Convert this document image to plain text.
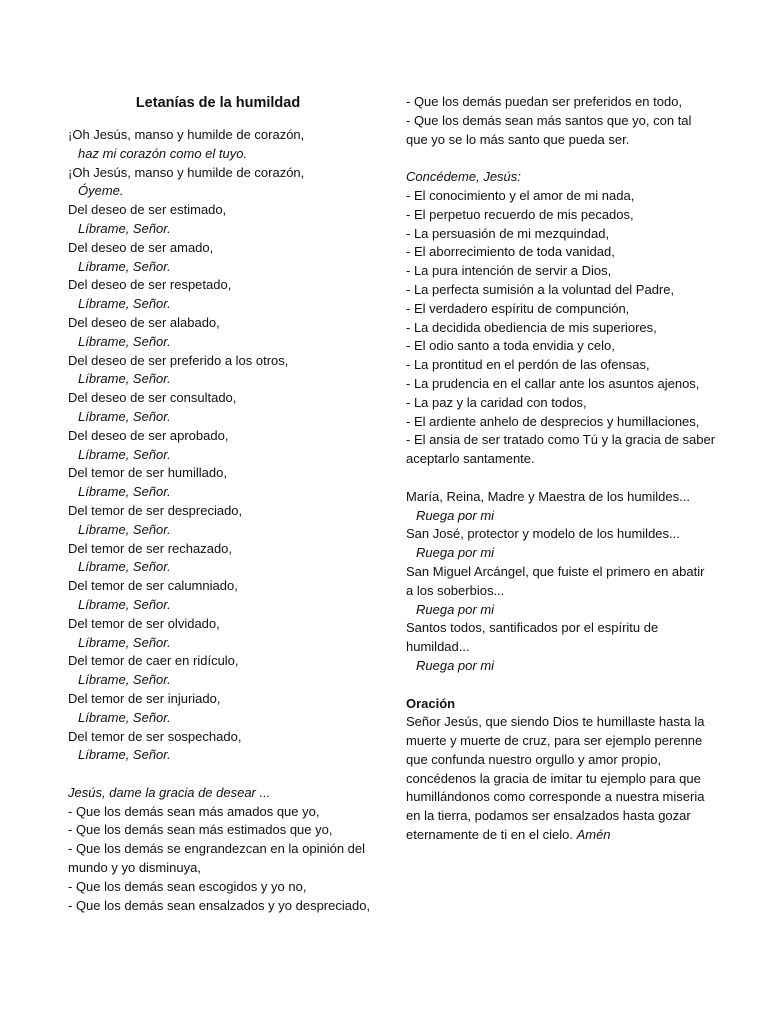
Letanías de la humildad
¡Oh Jesús, manso y humilde de corazón,
haz mi corazón como el tuyo.
¡Oh Jesús, manso y humilde de corazón,
Óyeme.
Del deseo de ser estimado,
Líbrame, Señor.
Del deseo de ser amado,
Líbrame, Señor.
Del deseo de ser respetado,
Líbrame, Señor.
Del deseo de ser alabado,
Líbrame, Señor.
Del deseo de ser preferido a los otros,
Líbrame, Señor.
Del deseo de ser consultado,
Líbrame, Señor.
Del deseo de ser aprobado,
Líbrame, Señor.
Del temor de ser humillado,
Líbrame, Señor.
Del temor de ser despreciado,
Líbrame, Señor.
Del temor de ser rechazado,
Líbrame, Señor.
Del temor de ser calumniado,
Líbrame, Señor.
Del temor de ser olvidado,
Líbrame, Señor.
Del temor de caer en ridículo,
Líbrame, Señor.
Del temor de ser injuriado,
Líbrame, Señor.
Del temor de ser sospechado,
Líbrame, Señor.
Jesús, dame la gracia de desear ...
- Que los demás sean más amados que yo,
- Que los demás sean más estimados que yo,
- Que los demás se engrandezcan en la opinión del
mundo y yo disminuya,
- Que los demás sean escogidos y yo no,
- Que los demás sean ensalzados y yo despreciado,
- Que los demás puedan ser preferidos en todo,
- Que los demás sean más santos que yo, con tal
que yo se lo más santo que pueda ser.
Concédeme, Jesús:
- El conocimiento y el amor de mi nada,
- El perpetuo recuerdo de mis pecados,
- La persuasión de mi mezquindad,
- El aborrecimiento de toda vanidad,
- La pura intención de servir a Dios,
- La perfecta sumisión a la voluntad del Padre,
- El verdadero espíritu de compunción,
- La decidida obediencia de mis superiores,
- El odio santo a toda envidia y celo,
- La prontitud en el perdón de las ofensas,
- La prudencia en el callar ante los asuntos ajenos,
- La paz y la caridad con todos,
- El ardiente anhelo de desprecios y humillaciones,
- El ansia de ser tratado como Tú y la gracia de saber
aceptarlo santamente.
María, Reina, Madre y Maestra de los humildes...
Ruega por mi
San José, protector y modelo de los humildes...
Ruega por mi
San Miguel Arcángel, que fuiste el primero en abatir
a los soberbios...
Ruega por mi
Santos todos, santificados por el espíritu de
humildad...
Ruega por mi
Oración
Señor Jesús, que siendo Dios te humillaste hasta la
muerte y muerte de cruz, para ser ejemplo perenne
que confunda nuestro orgullo y amor propio,
concédenos la gracia de imitar tu ejemplo para que
humillándonos como corresponde a nuestra miseria
en la tierra, podamos ser ensalzados hasta gozar
eternamente de ti en el cielo. Amén
